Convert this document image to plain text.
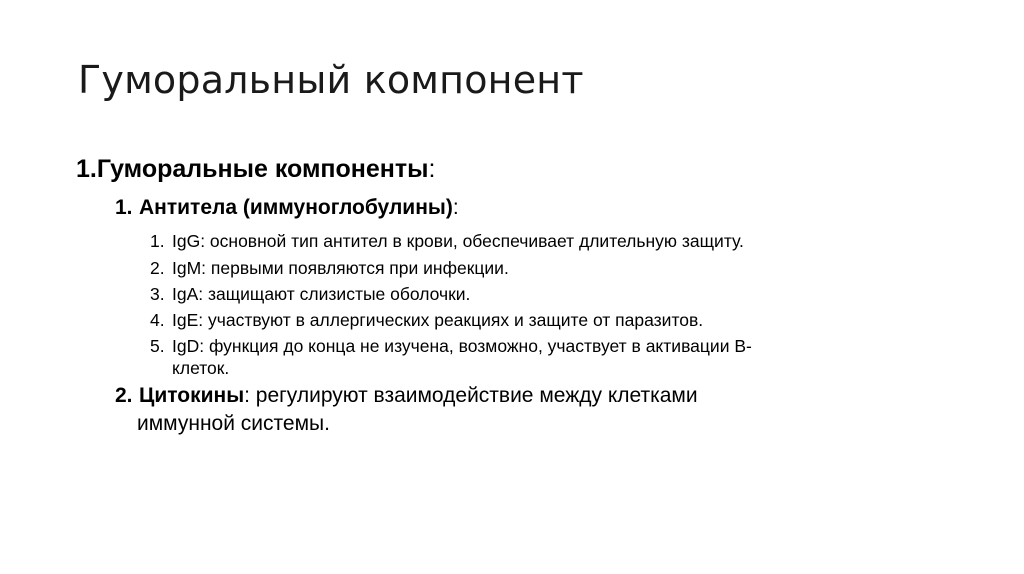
Гуморальный компонент
1.Гуморальные компоненты:
1. Антитела (иммуноглобулины):
1. IgG: основной тип антител в крови, обеспечивает длительную защиту.
2. IgM: первыми появляются при инфекции.
3. IgA: защищают слизистые оболочки.
4. IgE: участвуют в аллергических реакциях и защите от паразитов.
5. IgD: функция до конца не изучена, возможно, участвует в активации В-
клеток.
2. Цитокины: регулируют взаимодействие между клетками
иммунной системы.
